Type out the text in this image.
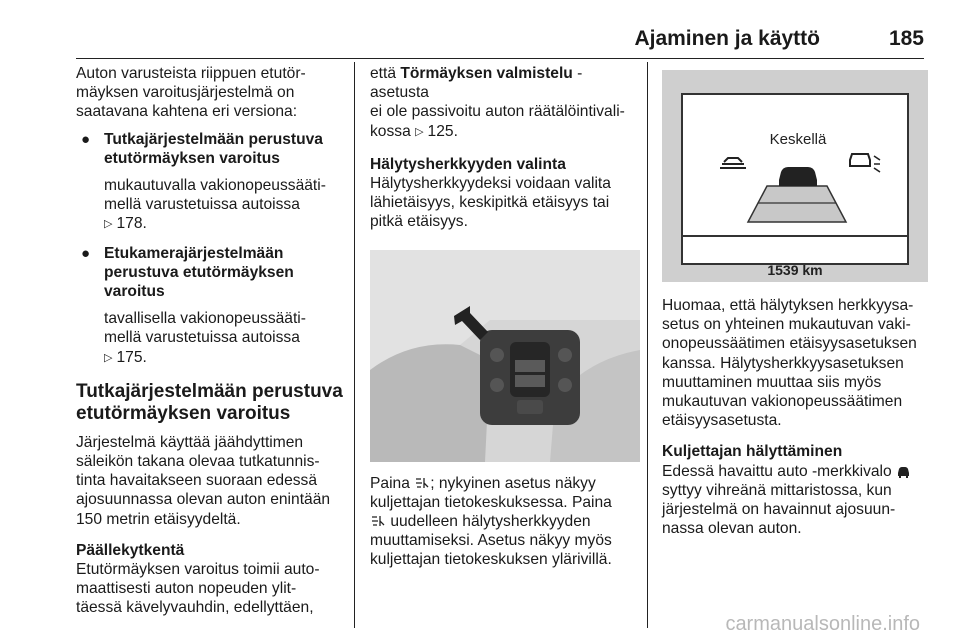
Ajaminen ja käyttö	185

Auton varusteista riippuen etutör-
mäyksen varoitusjärjestelmä on
saatavana kahtena eri versiona:

● Tutkajärjestelmään perustuva
etutörmäyksen varoitus

mukautuvalla vakionopeussääti-
mellä varustetuissa autoissa
▷ 178.

● Etukamerajärjestelmään
perustuva etutörmäyksen
varoitus

tavallisella vakionopeussääti-
mellä varustetuissa autoissa
▷ 175.

Tutkajärjestelmään perustuva
etutörmäyksen varoitus

Järjestelmä käyttää jäähdyttimen
säleikön takana olevaa tutkatunnis-
tinta havaitakseen suoraan edessä
ajosuunnassa olevan auton enintään
150 metrin etäisyydeltä.

Päällekytkentä

Etutörmäyksen varoitus toimii auto-
maattisesti auton nopeuden ylit-
täessä kävelyvauhdin, edellyttäen,

että Törmäyksen valmistelu -asetusta
ei ole passivoitu auton räätälöintivali-
kossa ▷ 125.

Hälytysherkkyyden valinta

Hälytysherkkyydeksi voidaan valita
lähietäisyys, keskipitkä etäisyys tai
pitkä etäisyys.

Paina ; nykyinen asetus näkyy
kuljettajan tietokeskuksessa. Paina
uudelleen hälytysherkkyyden
muuttamiseksi. Asetus näkyy myös
kuljettajan tietokeskuksen ylärivillä.

Keskellä
1539 km

Huomaa, että hälytyksen herkkyysa-
setus on yhteinen mukautuvan vaki-
onopeussäätimen etäisyysasetuksen
kanssa. Hälytysherkkyysasetuksen
muuttaminen muuttaa siis myös
mukautuvan vakionopeussäätimen
etäisyysasetusta.

Kuljettajan hälyttäminen

Edessä havaittu auto -merkkivalo
syttyy vihreänä mittaristossa, kun
järjestelmä on havainnut ajosuun-
nassa olevan auton.

carmanualsonline.info
